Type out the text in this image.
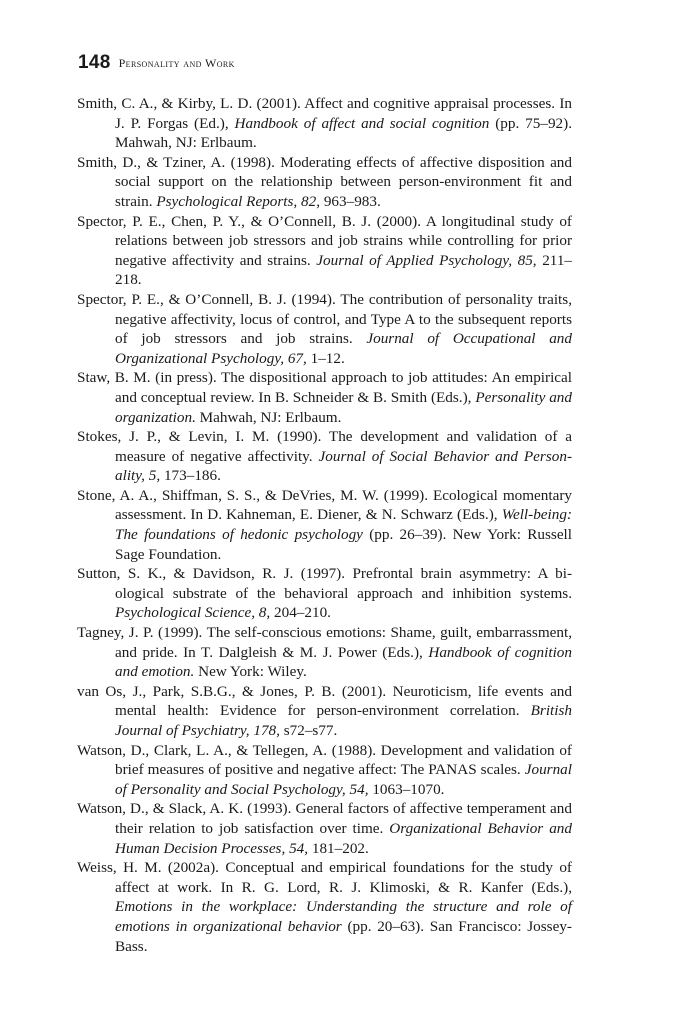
148 Personality and Work

Smith, C. A., & Kirby, L. D. (2001). Affect and cognitive appraisal processes. In J. P. Forgas (Ed.), Handbook of affect and social cognition (pp. 75–92). Mahwah, NJ: Erlbaum.

Smith, D., & Tziner, A. (1998). Moderating effects of affective disposition and social support on the relationship between person-environment fit and strain. Psychological Reports, 82, 963–983.

Spector, P. E., Chen, P. Y., & O’Connell, B. J. (2000). A longitudinal study of relations between job stressors and job strains while controlling for prior negative affectivity and strains. Journal of Applied Psychology, 85, 211–218.

Spector, P. E., & O’Connell, B. J. (1994). The contribution of personality traits, negative affectivity, locus of control, and Type A to the subsequent reports of job stressors and job strains. Journal of Occupational and Organizational Psychology, 67, 1–12.

Staw, B. M. (in press). The dispositional approach to job attitudes: An empirical and conceptual review. In B. Schneider & B. Smith (Eds.), Personality and organization. Mahwah, NJ: Erlbaum.

Stokes, J. P., & Levin, I. M. (1990). The development and validation of a measure of negative affectivity. Journal of Social Behavior and Personality, 5, 173–186.

Stone, A. A., Shiffman, S. S., & DeVries, M. W. (1999). Ecological momentary assessment. In D. Kahneman, E. Diener, & N. Schwarz (Eds.), Well-being: The foundations of hedonic psychology (pp. 26–39). New York: Russell Sage Foundation.

Sutton, S. K., & Davidson, R. J. (1997). Prefrontal brain asymmetry: A biological substrate of the behavioral approach and inhibition systems. Psychological Science, 8, 204–210.

Tagney, J. P. (1999). The self-conscious emotions: Shame, guilt, embarrassment, and pride. In T. Dalgleish & M. J. Power (Eds.), Handbook of cognition and emotion. New York: Wiley.

van Os, J., Park, S.B.G., & Jones, P. B. (2001). Neuroticism, life events and mental health: Evidence for person-environment correlation. British Journal of Psychiatry, 178, s72–s77.

Watson, D., Clark, L. A., & Tellegen, A. (1988). Development and validation of brief measures of positive and negative affect: The PANAS scales. Journal of Personality and Social Psychology, 54, 1063–1070.

Watson, D., & Slack, A. K. (1993). General factors of affective temperament and their relation to job satisfaction over time. Organizational Behavior and Human Decision Processes, 54, 181–202.

Weiss, H. M. (2002a). Conceptual and empirical foundations for the study of affect at work. In R. G. Lord, R. J. Klimoski, & R. Kanfer (Eds.), Emotions in the workplace: Understanding the structure and role of emotions in organizational behavior (pp. 20–63). San Francisco: Jossey-Bass.
